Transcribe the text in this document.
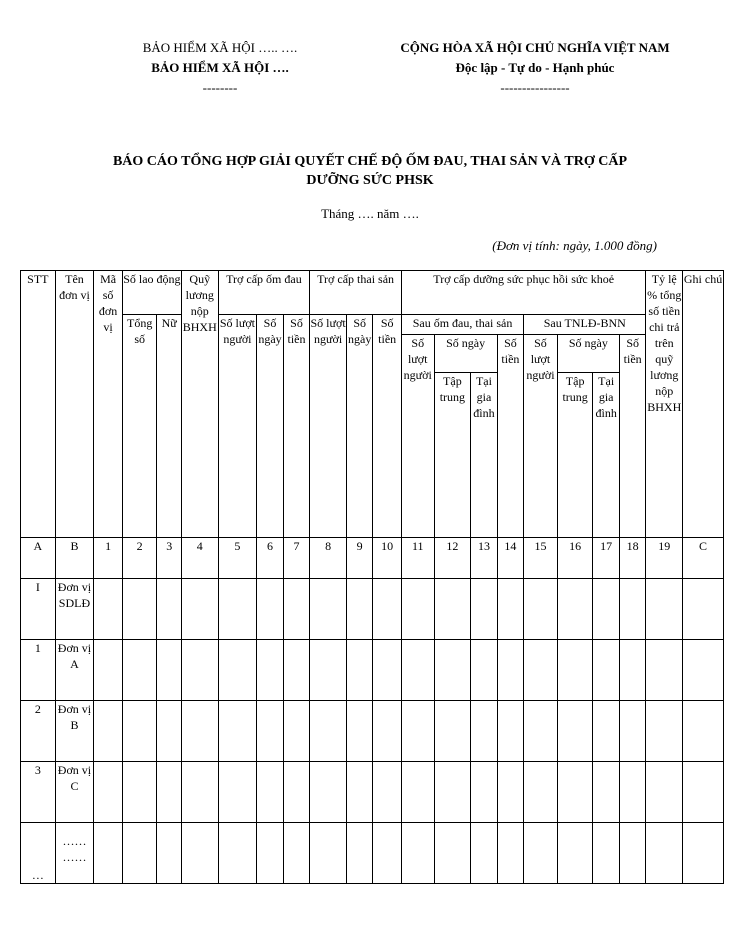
BẢO HIỂM XÃ HỘI ….. ….
BẢO HIỂM XÃ HỘI ….
--------
CỘNG HÒA XÃ HỘI CHỦ NGHĨA VIỆT NAM
Độc lập - Tự do - Hạnh phúc
----------------
BÁO CÁO TỔNG HỢP GIẢI QUYẾT CHẾ ĐỘ ỐM ĐAU, THAI SẢN VÀ TRỢ CẤP
DƯỠNG SỨC PHSK
Tháng …. năm ….
(Đơn vị tính: ngày, 1.000 đồng)
STT	Tên đơn vị	Mã số đơn vị	Số lao động		Quỹ lương nộp BHXH	Trợ cấp ốm đau			Trợ cấp thai sản			Trợ cấp dưỡng sức phục hồi sức khoẻ								Tỷ lệ % tổng số tiền chi trả trên quỹ lương nộp BHXH	Ghi chú
			Tổng số	Nữ		Số lượt người	Số ngày	Số tiền	Số lượt người	Số ngày	Số tiền	Sau ốm đau, thai sản				Sau TNLĐ-BNN					
												Số lượt người	Số ngày		Số tiền	Số lượt người	Số ngày		Số tiền		
													Tập trung	Tại gia đình			Tập trung	Tại gia đình			
A	B	1	2	3	4	5	6	7	8	9	10	11	12	13	14	15	16	17	18	19	C
I	Đơn vị SDLĐ																				
1	Đơn vị A																				
2	Đơn vị B																				
3	Đơn vị C																				
…	…… ……																				
